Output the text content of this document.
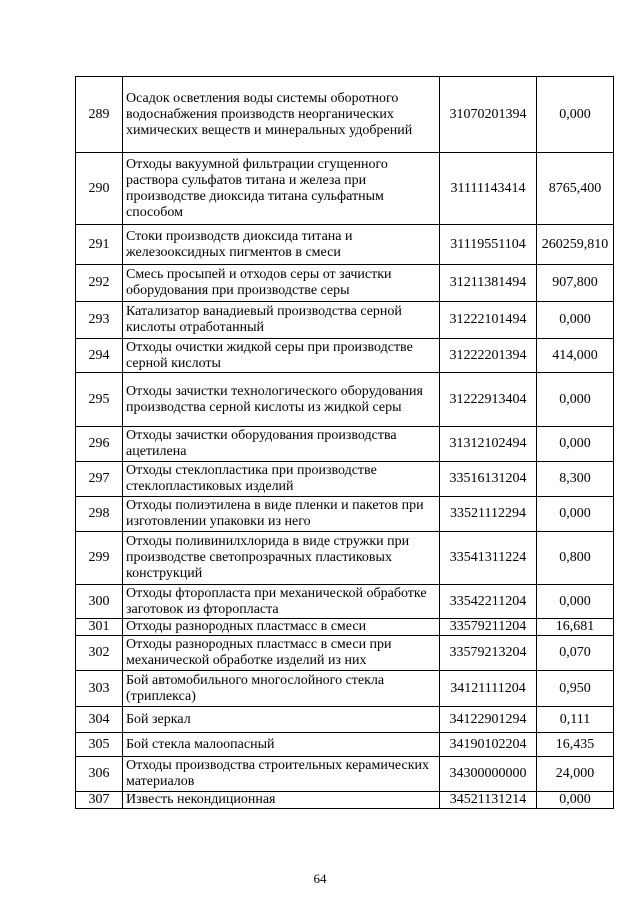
289	Осадок осветления воды системы оборотного водоснабжения производств неорганических химических веществ и минеральных удобрений	31070201394	0,000
290	Отходы вакуумной фильтрации сгущенного раствора сульфатов титана и железа при производстве диоксида титана сульфатным способом	31111143414	8765,400
291	Стоки производств диоксида титана и железооксидных пигментов в смеси	31119551104	260259,810
292	Смесь просыпей и отходов серы от зачистки оборудования при производстве серы	31211381494	907,800
293	Катализатор ванадиевый производства серной кислоты отработанный	31222101494	0,000
294	Отходы очистки жидкой серы при производстве серной кислоты	31222201394	414,000
295	Отходы зачистки технологического оборудования производства серной кислоты из жидкой серы	31222913404	0,000
296	Отходы зачистки оборудования производства ацетилена	31312102494	0,000
297	Отходы стеклопластика при производстве стеклопластиковых изделий	33516131204	8,300
298	Отходы полиэтилена в виде пленки и пакетов при изготовлении упаковки из него	33521112294	0,000
299	Отходы поливинилхлорида в виде стружки при производстве светопрозрачных пластиковых конструкций	33541311224	0,800
300	Отходы фторопласта при механической обработке заготовок из фторопласта	33542211204	0,000
301	Отходы разнородных пластмасс в смеси	33579211204	16,681
302	Отходы разнородных пластмасс в смеси при механической обработке изделий из них	33579213204	0,070
303	Бой автомобильного многослойного стекла (триплекса)	34121111204	0,950
304	Бой зеркал	34122901294	0,111
305	Бой стекла малоопасный	34190102204	16,435
306	Отходы производства строительных керамических материалов	34300000000	24,000
307	Известь некондиционная	34521131214	0,000
64
